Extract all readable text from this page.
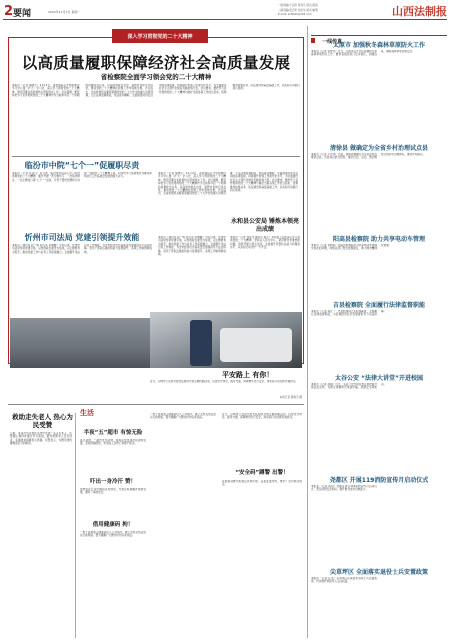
2 要闻	2022年11月7日 星期一
一版责编/于宗泽 贾亦凡 版式/苗雨
二版责编/吴志军 刘志华 版式/崔明
E-mail: sxfzbbk@163.com	山西法制报
深入学习贯彻党的二十大精神
以高质量履职保障经济社会高质量发展
省检察院全面学习领会党的二十大精神
本报讯（记者 郝晓宇）11月4日，省检察院召开党组理论学习中心组（扩大）学习会，深入学习贯彻党的二十大精神，研究部署全省检察机关贯彻落实工作。会议强调，要坚持把学习宣传贯彻党的二十大精神作为当前和今后一个时期的首要政治任务，以高度的政治自觉、思想自觉和行动自觉，推动党的二十大精神在检察工作中落地生根。会议指出，全省检察机关要紧紧围绕党的二十大作出的重大决策部署，立足法律监督职能，依法能动履职，全面加强对诉讼活动的法律监督，持续提升检察工作现代化水平，为全面建设社会主义现代化国家贡献检察力量。会议要求，要把学习宣传贯彻党的二十大精神与做好当前各项工作结合起来，统筹推进检察业务、队伍建设和基层基础工作，以实际行动践行初心使命。
临汾市中院“七个一”促履职尽责
本报讯（记者 张亚红）连日来，临汾市中院深入学习宣传贯彻党的二十大精神，通过开展一次专题学习、一次集中研讨、一次主题党日等“七个一”活动，引导干警把思想和行动统一到党的二十大精神上来，切实把学习成果转化为推动审判执行工作高质量发展的强大动力。
忻州市司法局 党建引领提升效能
本报讯（通讯员 赵一鸣 谭元亮 李增鹏）今年以来，忻州市司法局坚持党建引领，以党的政治建设为统领，以主题教育为抓手，推动党建工作与业务工作深度融合，全面提升司法行政工作效能，为全市经济社会高质量发展提供有力法治保障。党员干部队伍素质和能力显著提升，各项工作取得新成效。
永和县公安局 锤炼本领亮出成绩
本报讯（记者 刘彦龙 通讯员 葛玉）永和县公安局深入学习贯彻党的二十大精神，坚持以人民为中心，紧盯群众急难愁盼问题，持续开展大练兵活动，全面提升民警执法能力和服务水平，以实际行动守护一方平安。
本报讯（记者 郝晓宇）11月4日，省检察院召开党组理论学习中心组（扩大）学习会，深入学习贯彻党的二十大精神，研究部署全省检察机关贯彻落实工作。会议强调，要坚持把学习宣传贯彻党的二十大精神作为当前和今后一个时期的首要政治任务，以高度的政治自觉、思想自觉和行动自觉，推动党的二十大精神在检察工作中落地生根。会议指出，全省检察机关要紧紧围绕党的二十大作出的重大决策部署，立足法律监督职能，依法能动履职，全面加强对诉讼活动的法律监督，持续提升检察工作现代化水平，为全面建设社会主义现代化国家贡献检察力量。会议要求，要把学习宣传贯彻党的二十大精神与做好当前各项工作结合起来，统筹推进检察业务、队伍建设和基层基础工作，以实际行动践行初心使命。
本报讯（通讯员 赵一鸣 谭元亮 李增鹏）今年以来，忻州市司法局坚持党建引领，以党的政治建设为统领，以主题教育为抓手，推动党建工作与业务工作深度融合，全面提升司法行政工作效能，为全市经济社会高质量发展提供有力法治保障。党员干部队伍素质和能力显著提升，各项工作取得新成效。
平安路上 有你！
近日，运城市公安局交警支队组织开展主题执勤活动，民警坚守岗位，疏导交通，保障群众出行安全，用实际行动诠释忠诚担当。
本报记者 郝晓宇 摄
救助走失老人 热心为民受赞
日前，某派出所民警在巡逻中发现一名走失老人，民警耐心询问并通过多方查找，最终帮助老人安全回家，家属送来锦旗表示感谢。民警表示，为群众排忧解难是应尽的职责。
生活
半夜“五”超市 有惊无险
某日凌晨，一超市发生险情，值班民警迅速赶到现场处置，及时排除隐患，未造成人员伤亡和财产损失。
吓出一身冷汗 赞！
驾驶员在行车中遇到突发情况，交警及时提醒并帮助处理，避免了事故发生。
借用健康码 拘！
一男子借用他人健康码出入公共场所，被公安机关依法处以行政拘留。警方提醒广大群众切勿以身试法。
一男子借用他人健康码出入公共场所，被公安机关依法处以行政拘留。警方提醒广大群众切勿以身试法。
“安全码”蹲警 出警！
民警接到群众报警后迅速出警，妥善处置纠纷，维护了社会秩序稳定。
近日，运城市公安局交警支队组织开展主题执勤活动，民警坚守岗位，疏导交通，保障群众出行安全，用实际行动诠释忠诚担当。
一线传真
太原市 加强秋冬森林草原防火工作
本报讯（记者 张梦杰）近日，太原市召开会议部署秋冬季森林草原防火工作，要求各级各部门压实责任，加强巡查，确保森林草原资源安全。
清徐县 做确定为全省乡村治理试点县
本报讯（记者 卢志伟）日前，清徐县被确定为全省乡村治理试点县。该县将以此为契机，健全自治、法治、德治相结合的乡村治理体系，推动乡村振兴。
阳高县检察院 助力共享电动车管理
本报讯（记者 李晓东）阳高县检察院针对共享电动车管理中存在的问题，向相关部门发出检察建议，助力城市精细化管理。
吉县检察院 全面履行法律监督职能
本报讯（记者 杨红一）吉县检察院立足检察职能，全面履行法律监督职能，为县域经济社会发展提供有力司法保障。
太谷公安 “法律大讲堂”开进校园
本报讯（记者 孙强）近日，太谷公安分局民警走进校园开展法治宣传，为师生讲解防范电信诈骗、校园安全等知识。
尧都区 开展119消防宣传月启动仪式
本报讯（记者 杨阳）尧都区举行119消防宣传月启动仪式，普及消防安全知识，提升群众自防自救能力。
尖草坪区 全面落实退役士兵安置政策
本报讯（记者 任杰）尖草坪区认真落实退役士兵安置政策，切实维护退役军人合法权益。
